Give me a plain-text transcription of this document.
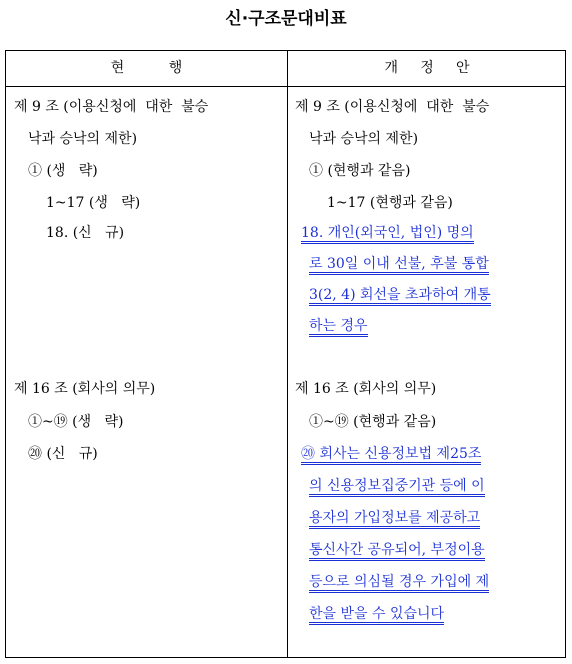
신·구조문대비표
현          행	개     정     안
제 9 조 (이용신청에  대한  불승
낙과 승낙의 제한)
① (생   략)
1~17 (생   략)
18. (신   규)
제 16 조 (회사의 의무)
①~⑲ (생   략)
⑳ (신   규)
제 9 조 (이용신청에  대한  불승
낙과 승낙의 제한)
① (현행과 같음)
1~17 (현행과 같음)
18. 개인(외국인, 법인) 명의
로 30일 이내 선불, 후불 통합
3(2, 4) 회선을 초과하여 개통
하는 경우
제 16 조 (회사의 의무)
①~⑲ (현행과 같음)
⑳ 회사는 신용정보법 제25조
의 신용정보집중기관 등에 이
용자의 가입정보를 제공하고
통신사간 공유되어, 부정이용
등으로 의심될 경우 가입에 제
한을 받을 수 있습니다
